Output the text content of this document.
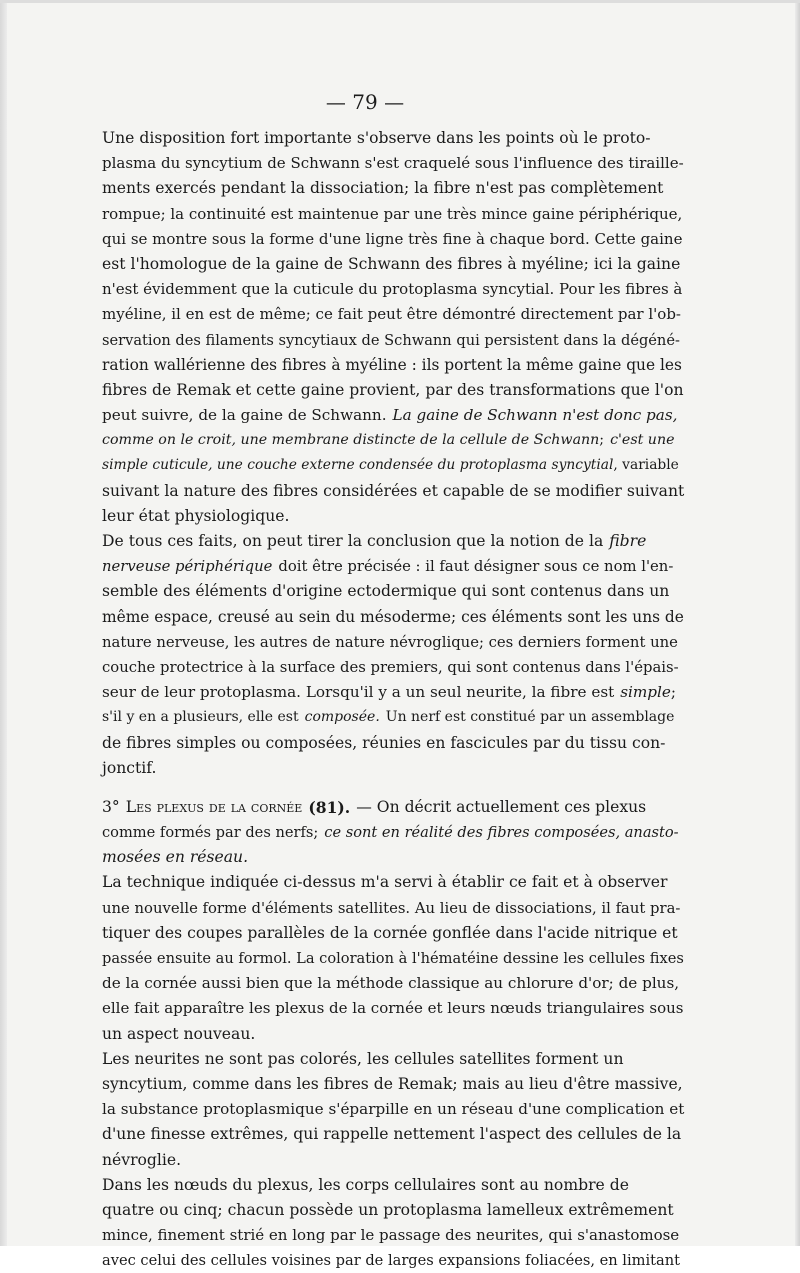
— 79 —
Une disposition fort importante s'observe dans les points où le proto-
plasma du syncytium de Schwann s'est craquelé sous l'influence des tiraille-
ments exercés pendant la dissociation; la fibre n'est pas complètement
rompue; la continuité est maintenue par une très mince gaine périphérique,
qui se montre sous la forme d'une ligne très fine à chaque bord. Cette gaine
est l'homologue de la gaine de Schwann des fibres à myéline; ici la gaine
n'est évidemment que la cuticule du protoplasma syncytial. Pour les fibres à
myéline, il en est de même; ce fait peut être démontré directement par l'ob-
servation des filaments syncytiaux de Schwann qui persistent dans la dégéné-
ration wallérienne des fibres à myéline : ils portent la même gaine que les
fibres de Remak et cette gaine provient, par des transformations que l'on
peut suivre, de la gaine de Schwann. La gaine de Schwann n'est donc pas,
comme on le croit, une membrane distincte de la cellule de Schwann ; c'est une
simple cuticule, une couche externe condensée du protoplasma syncytial , variable
suivant la nature des fibres considérées et capable de se modifier suivant
leur état physiologique.
De tous ces faits, on peut tirer la conclusion que la notion de la fibre
nerveuse périphérique doit être précisée : il faut désigner sous ce nom l'en-
semble des éléments d'origine ectodermique qui sont contenus dans un
même espace, creusé au sein du mésoderme; ces éléments sont les uns de
nature nerveuse, les autres de nature névroglique; ces derniers forment une
couche protectrice à la surface des premiers, qui sont contenus dans l'épais-
seur de leur protoplasma. Lorsqu'il y a un seul neurite, la fibre est simple ;
s'il y en a plusieurs, elle est composée. Un nerf est constitué par un assemblage
de fibres simples ou composées, réunies en fascicules par du tissu con-
jonctif.
3° Les plexus de la cornée (81). — On décrit actuellement ces plexus
comme formés par des nerfs; ce sont en réalité des fibres composées, anasto-
mosées en réseau.
La technique indiquée ci-dessus m'a servi à établir ce fait et à observer
une nouvelle forme d'éléments satellites. Au lieu de dissociations, il faut pra-
tiquer des coupes parallèles de la cornée gonflée dans l'acide nitrique et
passée ensuite au formol. La coloration à l'hématéine dessine les cellules fixes
de la cornée aussi bien que la méthode classique au chlorure d'or; de plus,
elle fait apparaître les plexus de la cornée et leurs nœuds triangulaires sous
un aspect nouveau.
Les neurites ne sont pas colorés, les cellules satellites forment un
syncytium, comme dans les fibres de Remak; mais au lieu d'être massive,
la substance protoplasmique s'éparpille en un réseau d'une complication et
d'une finesse extrêmes, qui rappelle nettement l'aspect des cellules de la
névroglie.
Dans les nœuds du plexus, les corps cellulaires sont au nombre de
quatre ou cinq; chacun possède un protoplasma lamelleux extrêmement
mince, finement strié en long par le passage des neurites, qui s'anastomose
avec celui des cellules voisines par de larges expansions foliacées, en limitant
